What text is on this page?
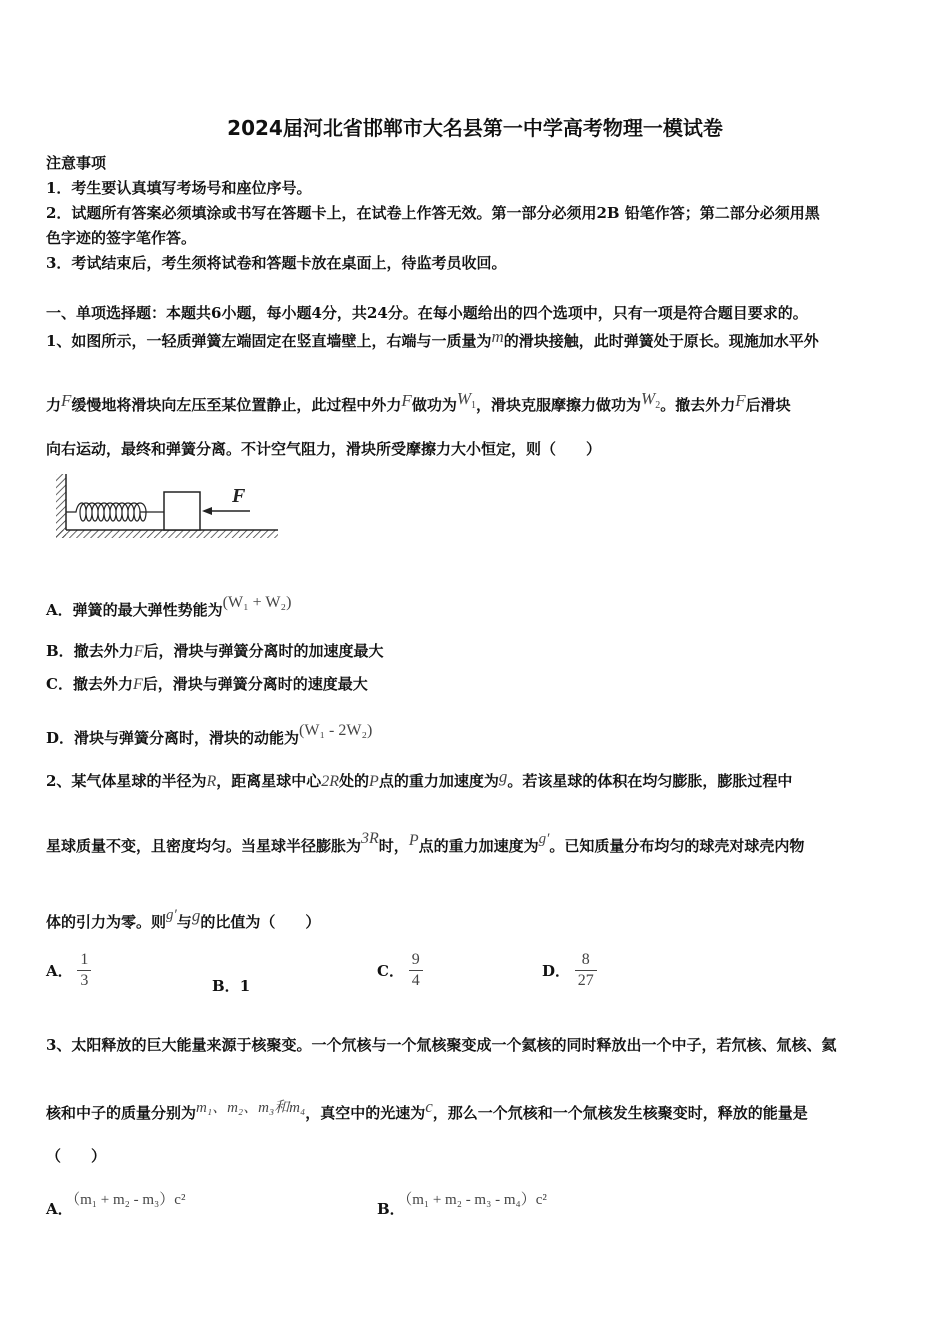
2024届河北省邯郸市大名县第一中学高考物理一模试卷
注意事项
1．考生要认真填写考场号和座位序号。
2．试题所有答案必须填涂或书写在答题卡上，在试卷上作答无效。第一部分必须用2B 铅笔作答；第二部分必须用黑
色字迹的签字笔作答。
3．考试结束后，考生须将试卷和答题卡放在桌面上，待监考员收回。
一、单项选择题：本题共6小题，每小题4分，共24分。在每小题给出的四个选项中，只有一项是符合题目要求的。
1、如图所示，一轻质弹簧左端固定在竖直墙壁上，右端与一质量为m的滑块接触，此时弹簧处于原长。现施加水平外
力F缓慢地将滑块向左压至某位置静止，此过程中外力F做功为$W_1$，滑块克服摩擦力做功为$W_2$。撤去外力F后滑块
向右运动，最终和弹簧分离。不计空气阻力，滑块所受摩擦力大小恒定，则（　　）
F
A．弹簧的最大弹性势能为(W₁ + W₂)
B．撤去外力F后，滑块与弹簧分离时的加速度最大
C．撤去外力F后，滑块与弹簧分离时的速度最大
D．滑块与弹簧分离时，滑块的动能为(W₁ - 2W₂)
2、某气体星球的半径为R，距离星球中心2R处的P点的重力加速度为g。若该星球的体积在均匀膨胀，膨胀过程中
星球质量不变，且密度均匀。当星球半径膨胀为3R时，P点的重力加速度为g′。已知质量分布均匀的球壳对球壳内物
体的引力为零。则g′与g的比值为（　　）
A． $\frac{1}{3}$	B．1
C． $\frac{9}{4}$	D． $\frac{8}{27}$
3、太阳释放的巨大能量来源于核聚变。一个氘核与一个氚核聚变成一个氦核的同时释放出一个中子，若氘核、氚核、氦
核和中子的质量分别为m₁、m₂、m₃和m₄，真空中的光速为c，那么一个氘核和一个氚核发生核聚变时，释放的能量是
（　　）
A．（m₁ + m₂ - m₃）c²	B．（m₁ + m₂ - m₃ - m₄）c²
